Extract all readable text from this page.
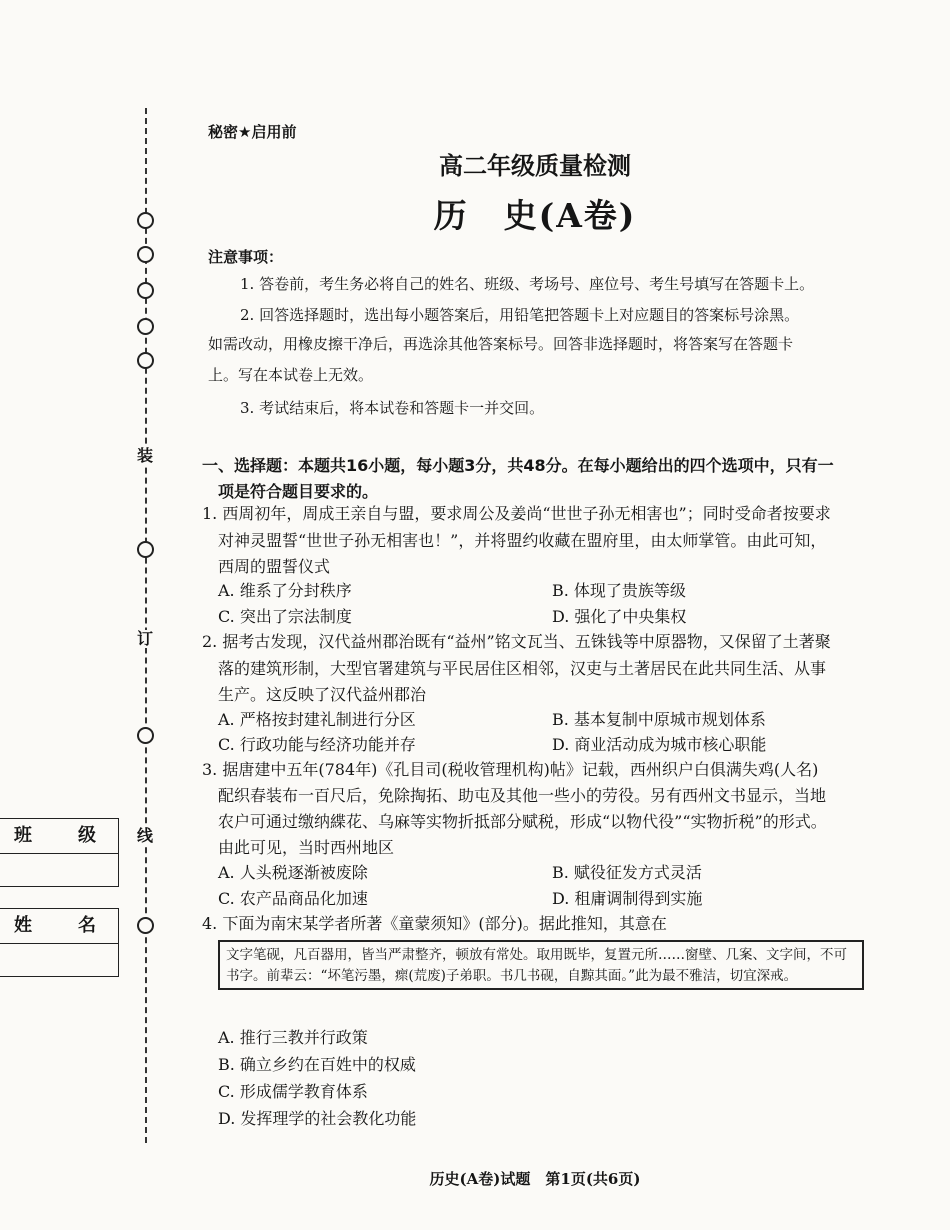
装
订
线
班	级
姓	名
秘密★启用前
高二年级质量检测
历　史(A卷)
注意事项：
1. 答卷前，考生务必将自己的姓名、班级、考场号、座位号、考生号填写在答题卡上。
2. 回答选择题时，选出每小题答案后，用铅笔把答题卡上对应题目的答案标号涂黑。
如需改动，用橡皮擦干净后，再选涂其他答案标号。回答非选择题时，将答案写在答题卡
上。写在本试卷上无效。
3. 考试结束后，将本试卷和答题卡一并交回。
一、选择题：本题共16小题，每小题3分，共48分。在每小题给出的四个选项中，只有一
项是符合题目要求的。
1. 西周初年，周成王亲自与盟，要求周公及姜尚“世世子孙无相害也”；同时受命者按要求
对神灵盟誓“世世子孙无相害也！”，并将盟约收藏在盟府里，由太师掌管。由此可知，
西周的盟誓仪式
A. 维系了分封秩序	B. 体现了贵族等级
C. 突出了宗法制度	D. 强化了中央集权
2. 据考古发现，汉代益州郡治既有“益州”铭文瓦当、五铢钱等中原器物，又保留了土著聚
落的建筑形制，大型官署建筑与平民居住区相邻，汉吏与土著居民在此共同生活、从事
生产。这反映了汉代益州郡治
A. 严格按封建礼制进行分区	B. 基本复制中原城市规划体系
C. 行政功能与经济功能并存	D. 商业活动成为城市核心职能
3. 据唐建中五年(784年)《孔目司(税收管理机构)帖》记载，西州织户白俱满失鸡(人名)
配织春装布一百尺后，免除掏拓、助屯及其他一些小的劳役。另有西州文书显示，当地
农户可通过缴纳緤花、乌麻等实物折抵部分赋税，形成“以物代役”“实物折税”的形式。
由此可见，当时西州地区
A. 人头税逐渐被废除	B. 赋役征发方式灵活
C. 农产品商品化加速	D. 租庸调制得到实施
4. 下面为南宋某学者所著《童蒙须知》(部分)。据此推知，其意在
文字笔砚，凡百器用，皆当严肃整齐，顿放有常处。取用既毕，复置元所……窗壁、几案、文字间，不可书字。前辈云：“坏笔污墨，瘝(荒废)子弟职。书几书砚，自黥其面。”此为最不雅洁，切宜深戒。
A. 推行三教并行政策
B. 确立乡约在百姓中的权威
C. 形成儒学教育体系
D. 发挥理学的社会教化功能
历史(A卷)试题　第1页(共6页)
